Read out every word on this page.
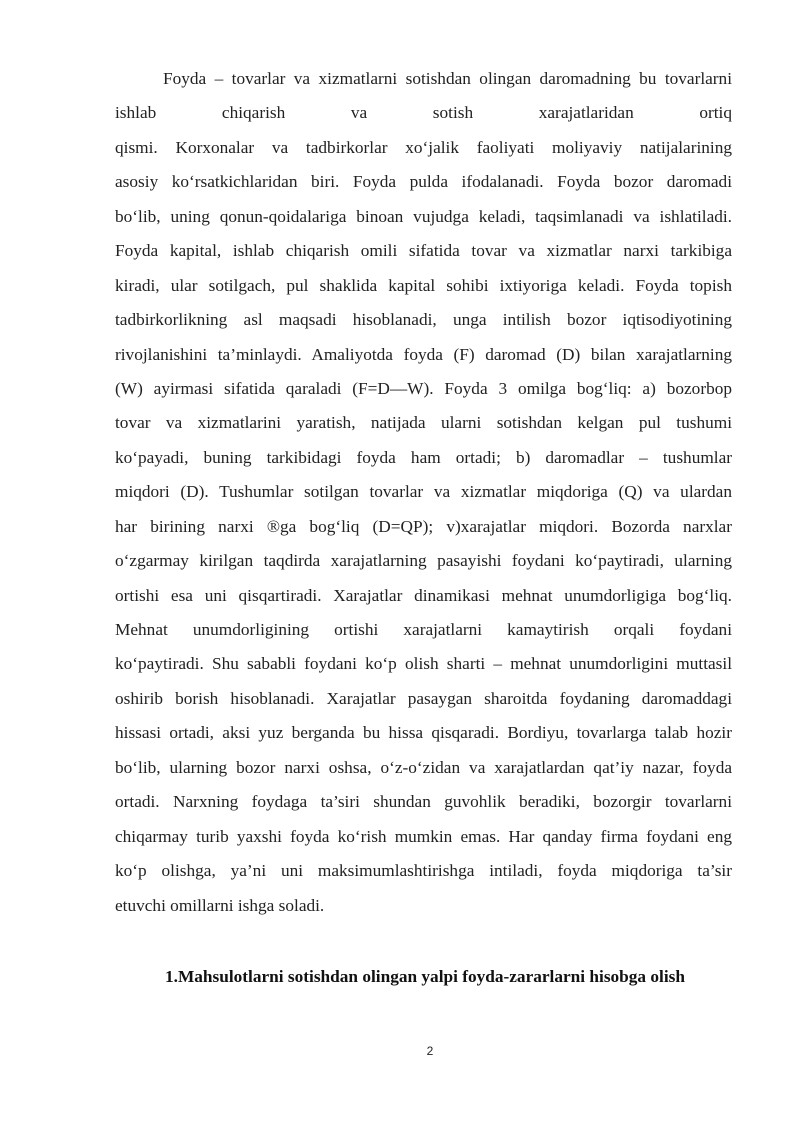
Foyda – tovarlar va xizmatlarni sotishdan olingan daromadning bu tovarlarni
ishlab chiqarish va sotish xarajatlaridan ortiq
qismi. Korxonalar va tadbirkorlar xo‘jalik faoliyati moliyaviy natijalarining
asosiy ko‘rsatkichlaridan biri. Foyda pulda ifodalanadi. Foyda bozor daromadi
bo‘lib, uning qonun-qoidalariga binoan vujudga keladi, taqsimlanadi va ishlatiladi.
Foyda kapital, ishlab chiqarish omili sifatida tovar va xizmatlar narxi tarkibiga
kiradi, ular sotilgach, pul shaklida kapital sohibi ixtiyoriga keladi. Foyda topish
tadbirkorlikning asl maqsadi hisoblanadi, unga intilish bozor iqtisodiyotining
rivojlanishini ta’minlaydi. Amaliyotda foyda (F) daromad (D) bilan xarajatlarning
(W) ayirmasi sifatida qaraladi (F=D—W). Foyda 3 omilga bog‘liq: a) bozorbop
tovar va xizmatlarini yaratish, natijada ularni sotishdan kelgan pul tushumi
ko‘payadi, buning tarkibidagi foyda ham ortadi; b) daromadlar – tushumlar
miqdori (D). Tushumlar sotilgan tovarlar va xizmatlar miqdoriga (Q) va ulardan
har birining narxi ®ga bog‘liq (D=QP); v)xarajatlar miqdori. Bozorda narxlar
o‘zgarmay kirilgan taqdirda xarajatlarning pasayishi foydani ko‘paytiradi, ularning
ortishi esa uni qisqartiradi. Xarajatlar dinamikasi mehnat unumdorligiga bog‘liq.
Mehnat unumdorligining ortishi xarajatlarni kamaytirish orqali foydani
ko‘paytiradi. Shu sababli foydani ko‘p olish sharti – mehnat unumdorligini muttasil
oshirib borish hisoblanadi. Xarajatlar pasaygan sharoitda foydaning daromaddagi
hissasi ortadi, aksi yuz berganda bu hissa qisqaradi. Bordiyu, tovarlarga talab hozir
bo‘lib, ularning bozor narxi oshsa, o‘z-o‘zidan va xarajatlardan qat’iy nazar, foyda
ortadi. Narxning foydaga ta’siri shundan guvohlik beradiki, bozorgir tovarlarni
chiqarmay turib yaxshi foyda ko‘rish mumkin emas. Har qanday firma foydani eng
ko‘p olishga, ya’ni uni maksimumlashtirishga intiladi, foyda miqdoriga ta’sir
etuvchi omillarni ishga soladi.
1.Mahsulotlarni sotishdan olingan yalpi foyda-zararlarni hisobga olish
2
